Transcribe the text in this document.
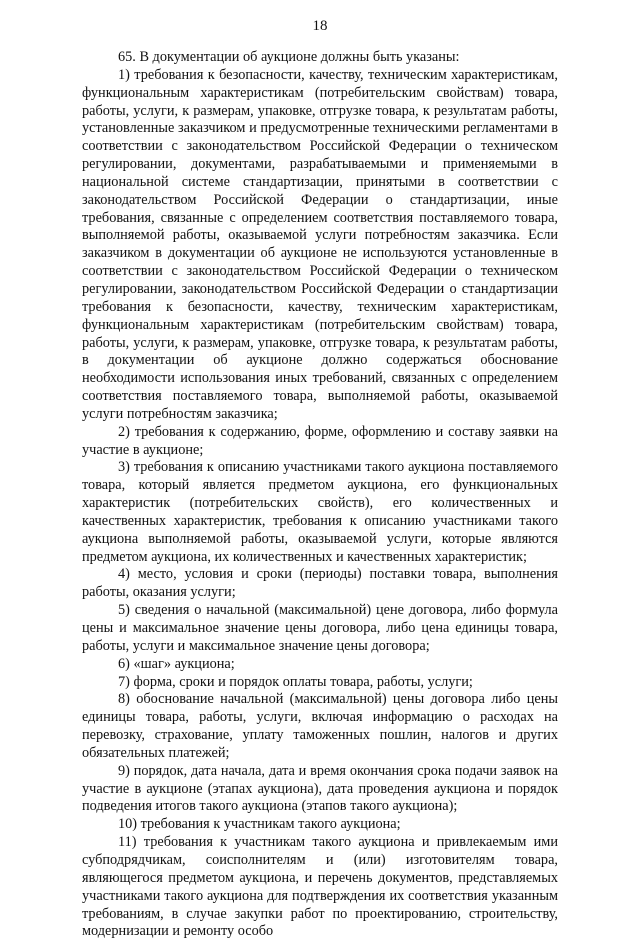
18

65. В документации об аукционе должны быть указаны:

1) требования к безопасности, качеству, техническим характеристикам, функциональным характеристикам (потребительским свойствам) товара, работы, услуги, к размерам, упаковке, отгрузке товара, к результатам работы, установленные заказчиком и предусмотренные техническими регламентами в соответствии с законодательством Российской Федерации о техническом регулировании, документами, разрабатываемыми и применяемыми в национальной системе стандартизации, принятыми в соответствии с законодательством Российской Федерации о стандартизации, иные требования, связанные с определением соответствия поставляемого товара, выполняемой работы, оказываемой услуги потребностям заказчика. Если заказчиком в документации об аукционе не используются установленные в соответствии с законодательством Российской Федерации о техническом регулировании, законодательством Российской Федерации о стандартизации требования к безопасности, качеству, техническим характеристикам, функциональным характеристикам (потребительским свойствам) товара, работы, услуги, к размерам, упаковке, отгрузке товара, к результатам работы, в документации об аукционе должно содержаться обоснование необходимости использования иных требований, связанных с определением соответствия поставляемого товара, выполняемой работы, оказываемой услуги потребностям заказчика;

2) требования к содержанию, форме, оформлению и составу заявки на участие в аукционе;

3) требования к описанию участниками такого аукциона поставляемого товара, который является предметом аукциона, его функциональных характеристик (потребительских свойств), его количественных и качественных характеристик, требования к описанию участниками такого аукциона выполняемой работы, оказываемой услуги, которые являются предметом аукциона, их количественных и качественных характеристик;

4) место, условия и сроки (периоды) поставки товара, выполнения работы, оказания услуги;

5) сведения о начальной (максимальной) цене договора, либо формула цены и максимальное значение цены договора, либо цена единицы товара, работы, услуги и максимальное значение цены договора;

6) «шаг» аукциона;

7) форма, сроки и порядок оплаты товара, работы, услуги;

8) обоснование начальной (максимальной) цены договора либо цены единицы товара, работы, услуги, включая информацию о расходах на перевозку, страхование, уплату таможенных пошлин, налогов и других обязательных платежей;

9) порядок, дата начала, дата и время окончания срока подачи заявок на участие в аукционе (этапах аукциона), дата проведения аукциона и порядок подведения итогов такого аукциона (этапов такого аукциона);

10) требования к участникам такого аукциона;

11) требования к участникам такого аукциона и привлекаемым ими субподрядчикам, соисполнителям и (или) изготовителям товара, являющегося предметом аукциона, и перечень документов, представляемых участниками такого аукциона для подтверждения их соответствия указанным требованиям, в случае закупки работ по проектированию, строительству, модернизации и ремонту особо
